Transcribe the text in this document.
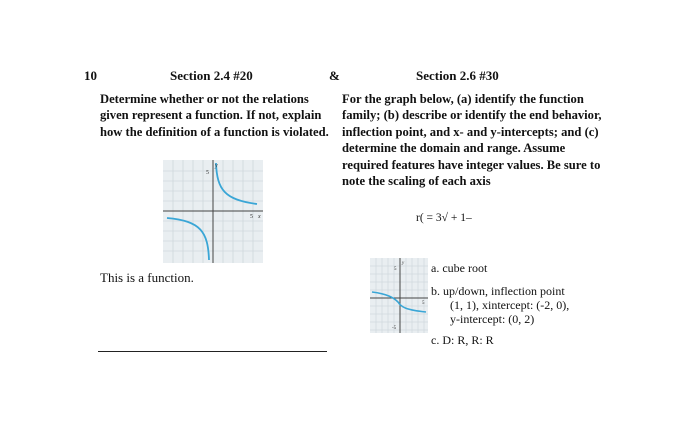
10	Section 2.4 #20	&	Section 2.6 #30
Determine whether or not the relations given represent a function. If not, explain how the definition of a function is violated.
y
x
5
5
This is a function.
For the graph below, (a) identify the function family; (b) describe or identify the end behavior, inflection point, and x- and y-intercepts; and (c) determine the domain and range. Assume required features have integer values. Be sure to note the scaling of each axis
r( = 3√ + 1–
y
5
-5
5
a. cube root
b. up/down, inflection point
(1, 1), xintercept: (-2, 0),
y-intercept: (0, 2)
c. D: R, R: R
